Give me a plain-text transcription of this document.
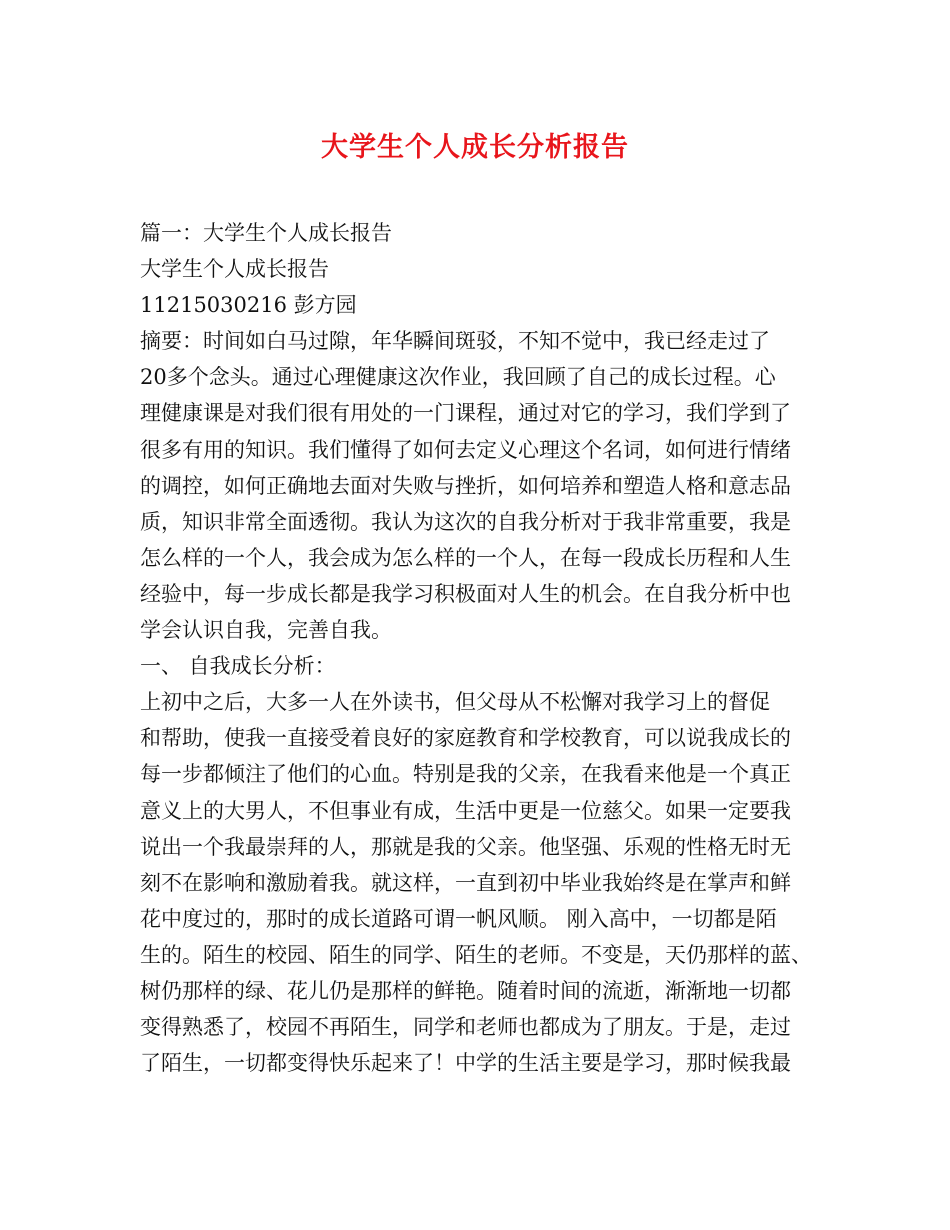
大学生个人成长分析报告
篇一：大学生个人成长报告
大学生个人成长报告
11215030216 彭方园
摘要：时间如白马过隙，年华瞬间斑驳，不知不觉中，我已经走过了
20多个念头。通过心理健康这次作业，我回顾了自己的成长过程。心
理健康课是对我们很有用处的一门课程，通过对它的学习，我们学到了
很多有用的知识。我们懂得了如何去定义心理这个名词，如何进行情绪
的调控，如何正确地去面对失败与挫折，如何培养和塑造人格和意志品
质，知识非常全面透彻。我认为这次的自我分析对于我非常重要，我是
怎么样的一个人，我会成为怎么样的一个人，在每一段成长历程和人生
经验中，每一步成长都是我学习积极面对人生的机会。在自我分析中也
学会认识自我，完善自我。
一、 自我成长分析：
上初中之后，大多一人在外读书，但父母从不松懈对我学习上的督促
和帮助，使我一直接受着良好的家庭教育和学校教育，可以说我成长的
每一步都倾注了他们的心血。特别是我的父亲，在我看来他是一个真正
意义上的大男人，不但事业有成，生活中更是一位慈父。如果一定要我
说出一个我最崇拜的人，那就是我的父亲。他坚强、乐观的性格无时无
刻不在影响和激励着我。就这样，一直到初中毕业我始终是在掌声和鲜
花中度过的，那时的成长道路可谓一帆风顺。 刚入高中，一切都是陌
生的。陌生的校园、陌生的同学、陌生的老师。不变是，天仍那样的蓝、
树仍那样的绿、花儿仍是那样的鲜艳。随着时间的流逝，渐渐地一切都
变得熟悉了，校园不再陌生，同学和老师也都成为了朋友。于是，走过
了陌生，一切都变得快乐起来了！中学的生活主要是学习，那时候我最
